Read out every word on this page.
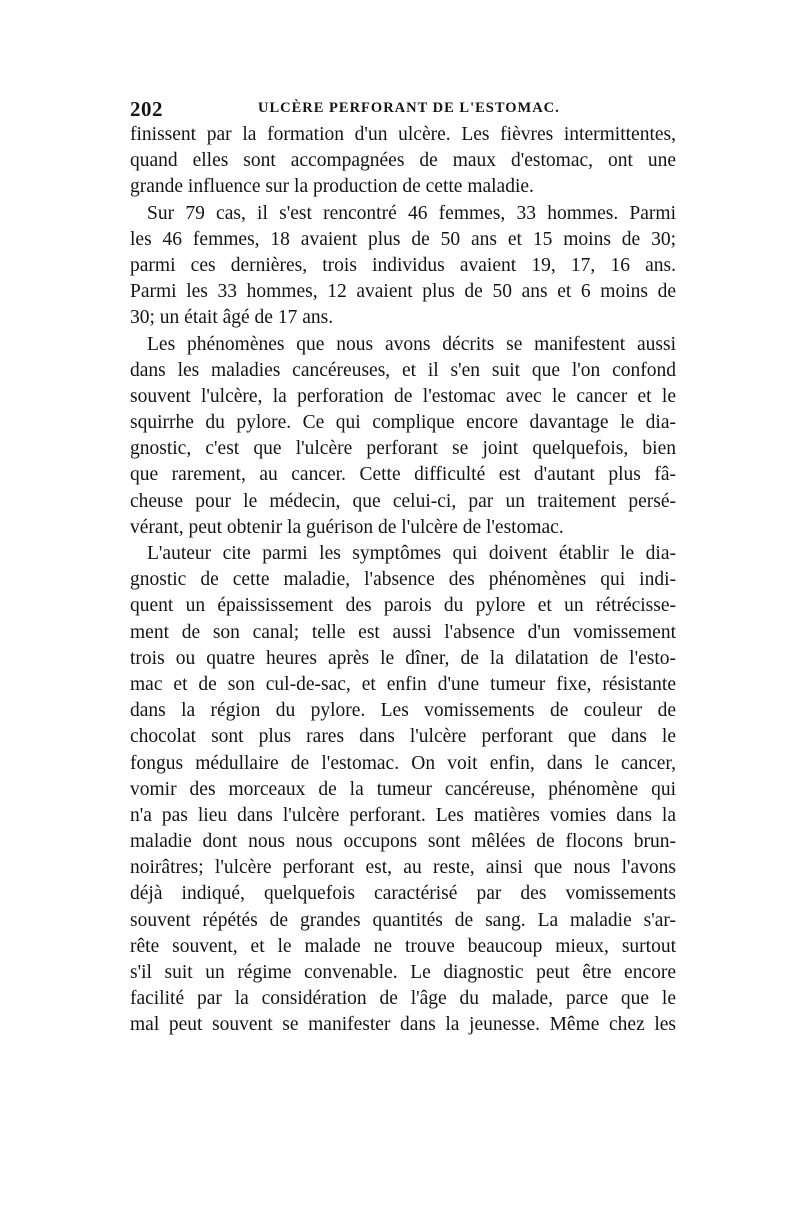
202	ULCÈRE PERFORANT DE L'ESTOMAC.
finissent par la formation d'un ulcère. Les fièvres intermittentes,
quand elles sont accompagnées de maux d'estomac, ont une
grande influence sur la production de cette maladie.
Sur 79 cas, il s'est rencontré 46 femmes, 33 hommes. Parmi
les 46 femmes, 18 avaient plus de 50 ans et 15 moins de 30;
parmi ces dernières, trois individus avaient 19, 17, 16 ans.
Parmi les 33 hommes, 12 avaient plus de 50 ans et 6 moins de
30; un était âgé de 17 ans.
Les phénomènes que nous avons décrits se manifestent aussi
dans les maladies cancéreuses, et il s'en suit que l'on confond
souvent l'ulcère, la perforation de l'estomac avec le cancer et le
squirrhe du pylore. Ce qui complique encore davantage le dia-
gnostic, c'est que l'ulcère perforant se joint quelquefois, bien
que rarement, au cancer. Cette difficulté est d'autant plus fâ-
cheuse pour le médecin, que celui-ci, par un traitement persé-
vérant, peut obtenir la guérison de l'ulcère de l'estomac.
L'auteur cite parmi les symptômes qui doivent établir le dia-
gnostic de cette maladie, l'absence des phénomènes qui indi-
quent un épaississement des parois du pylore et un rétrécisse-
ment de son canal; telle est aussi l'absence d'un vomissement
trois ou quatre heures après le dîner, de la dilatation de l'esto-
mac et de son cul-de-sac, et enfin d'une tumeur fixe, résistante
dans la région du pylore. Les vomissements de couleur de
chocolat sont plus rares dans l'ulcère perforant que dans le
fongus médullaire de l'estomac. On voit enfin, dans le cancer,
vomir des morceaux de la tumeur cancéreuse, phénomène qui
n'a pas lieu dans l'ulcère perforant. Les matières vomies dans la
maladie dont nous nous occupons sont mêlées de flocons brun-
noirâtres; l'ulcère perforant est, au reste, ainsi que nous l'avons
déjà indiqué, quelquefois caractérisé par des vomissements
souvent répétés de grandes quantités de sang. La maladie s'ar-
rête souvent, et le malade ne trouve beaucoup mieux, surtout
s'il suit un régime convenable. Le diagnostic peut être encore
facilité par la considération de l'âge du malade, parce que le
mal peut souvent se manifester dans la jeunesse. Même chez les
